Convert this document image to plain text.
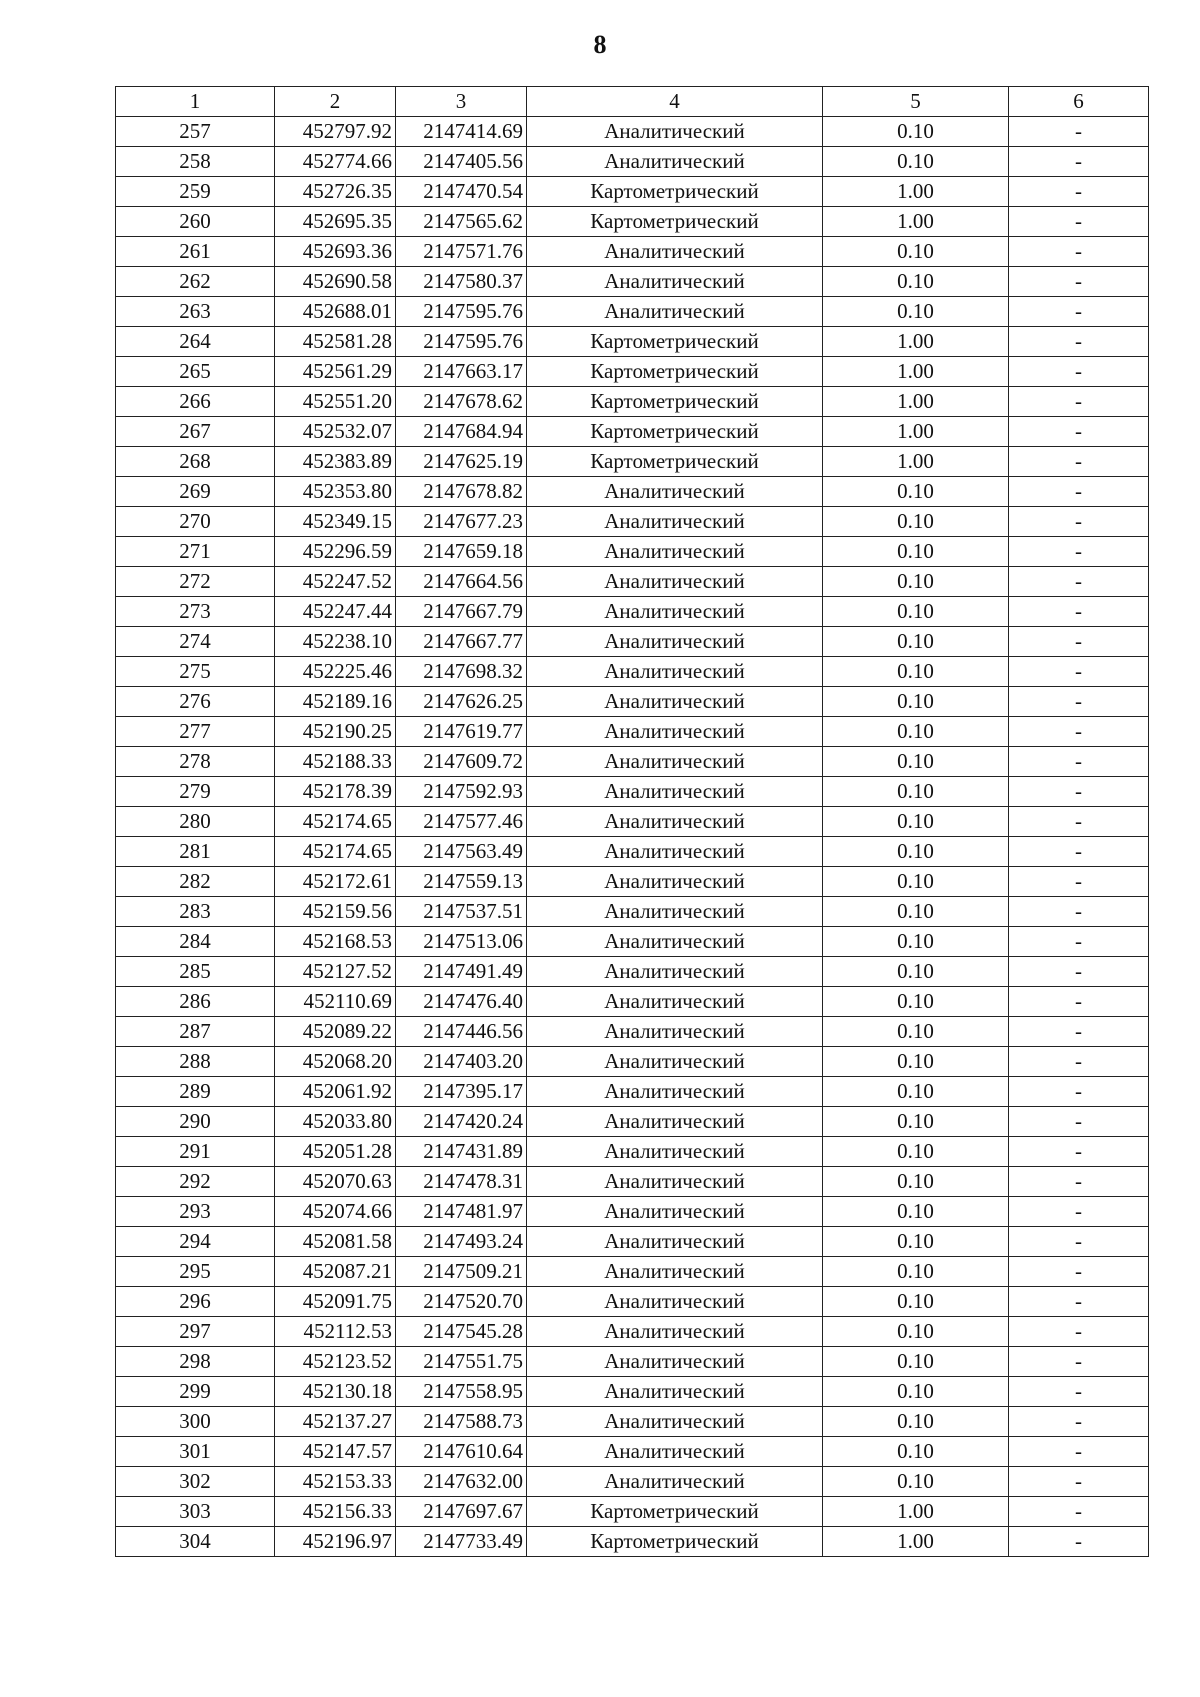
8
1	2	3	4	5	6
257	452797.92	2147414.69	Аналитический	0.10	-
258	452774.66	2147405.56	Аналитический	0.10	-
259	452726.35	2147470.54	Картометрический	1.00	-
260	452695.35	2147565.62	Картометрический	1.00	-
261	452693.36	2147571.76	Аналитический	0.10	-
262	452690.58	2147580.37	Аналитический	0.10	-
263	452688.01	2147595.76	Аналитический	0.10	-
264	452581.28	2147595.76	Картометрический	1.00	-
265	452561.29	2147663.17	Картометрический	1.00	-
266	452551.20	2147678.62	Картометрический	1.00	-
267	452532.07	2147684.94	Картометрический	1.00	-
268	452383.89	2147625.19	Картометрический	1.00	-
269	452353.80	2147678.82	Аналитический	0.10	-
270	452349.15	2147677.23	Аналитический	0.10	-
271	452296.59	2147659.18	Аналитический	0.10	-
272	452247.52	2147664.56	Аналитический	0.10	-
273	452247.44	2147667.79	Аналитический	0.10	-
274	452238.10	2147667.77	Аналитический	0.10	-
275	452225.46	2147698.32	Аналитический	0.10	-
276	452189.16	2147626.25	Аналитический	0.10	-
277	452190.25	2147619.77	Аналитический	0.10	-
278	452188.33	2147609.72	Аналитический	0.10	-
279	452178.39	2147592.93	Аналитический	0.10	-
280	452174.65	2147577.46	Аналитический	0.10	-
281	452174.65	2147563.49	Аналитический	0.10	-
282	452172.61	2147559.13	Аналитический	0.10	-
283	452159.56	2147537.51	Аналитический	0.10	-
284	452168.53	2147513.06	Аналитический	0.10	-
285	452127.52	2147491.49	Аналитический	0.10	-
286	452110.69	2147476.40	Аналитический	0.10	-
287	452089.22	2147446.56	Аналитический	0.10	-
288	452068.20	2147403.20	Аналитический	0.10	-
289	452061.92	2147395.17	Аналитический	0.10	-
290	452033.80	2147420.24	Аналитический	0.10	-
291	452051.28	2147431.89	Аналитический	0.10	-
292	452070.63	2147478.31	Аналитический	0.10	-
293	452074.66	2147481.97	Аналитический	0.10	-
294	452081.58	2147493.24	Аналитический	0.10	-
295	452087.21	2147509.21	Аналитический	0.10	-
296	452091.75	2147520.70	Аналитический	0.10	-
297	452112.53	2147545.28	Аналитический	0.10	-
298	452123.52	2147551.75	Аналитический	0.10	-
299	452130.18	2147558.95	Аналитический	0.10	-
300	452137.27	2147588.73	Аналитический	0.10	-
301	452147.57	2147610.64	Аналитический	0.10	-
302	452153.33	2147632.00	Аналитический	0.10	-
303	452156.33	2147697.67	Картометрический	1.00	-
304	452196.97	2147733.49	Картометрический	1.00	-
